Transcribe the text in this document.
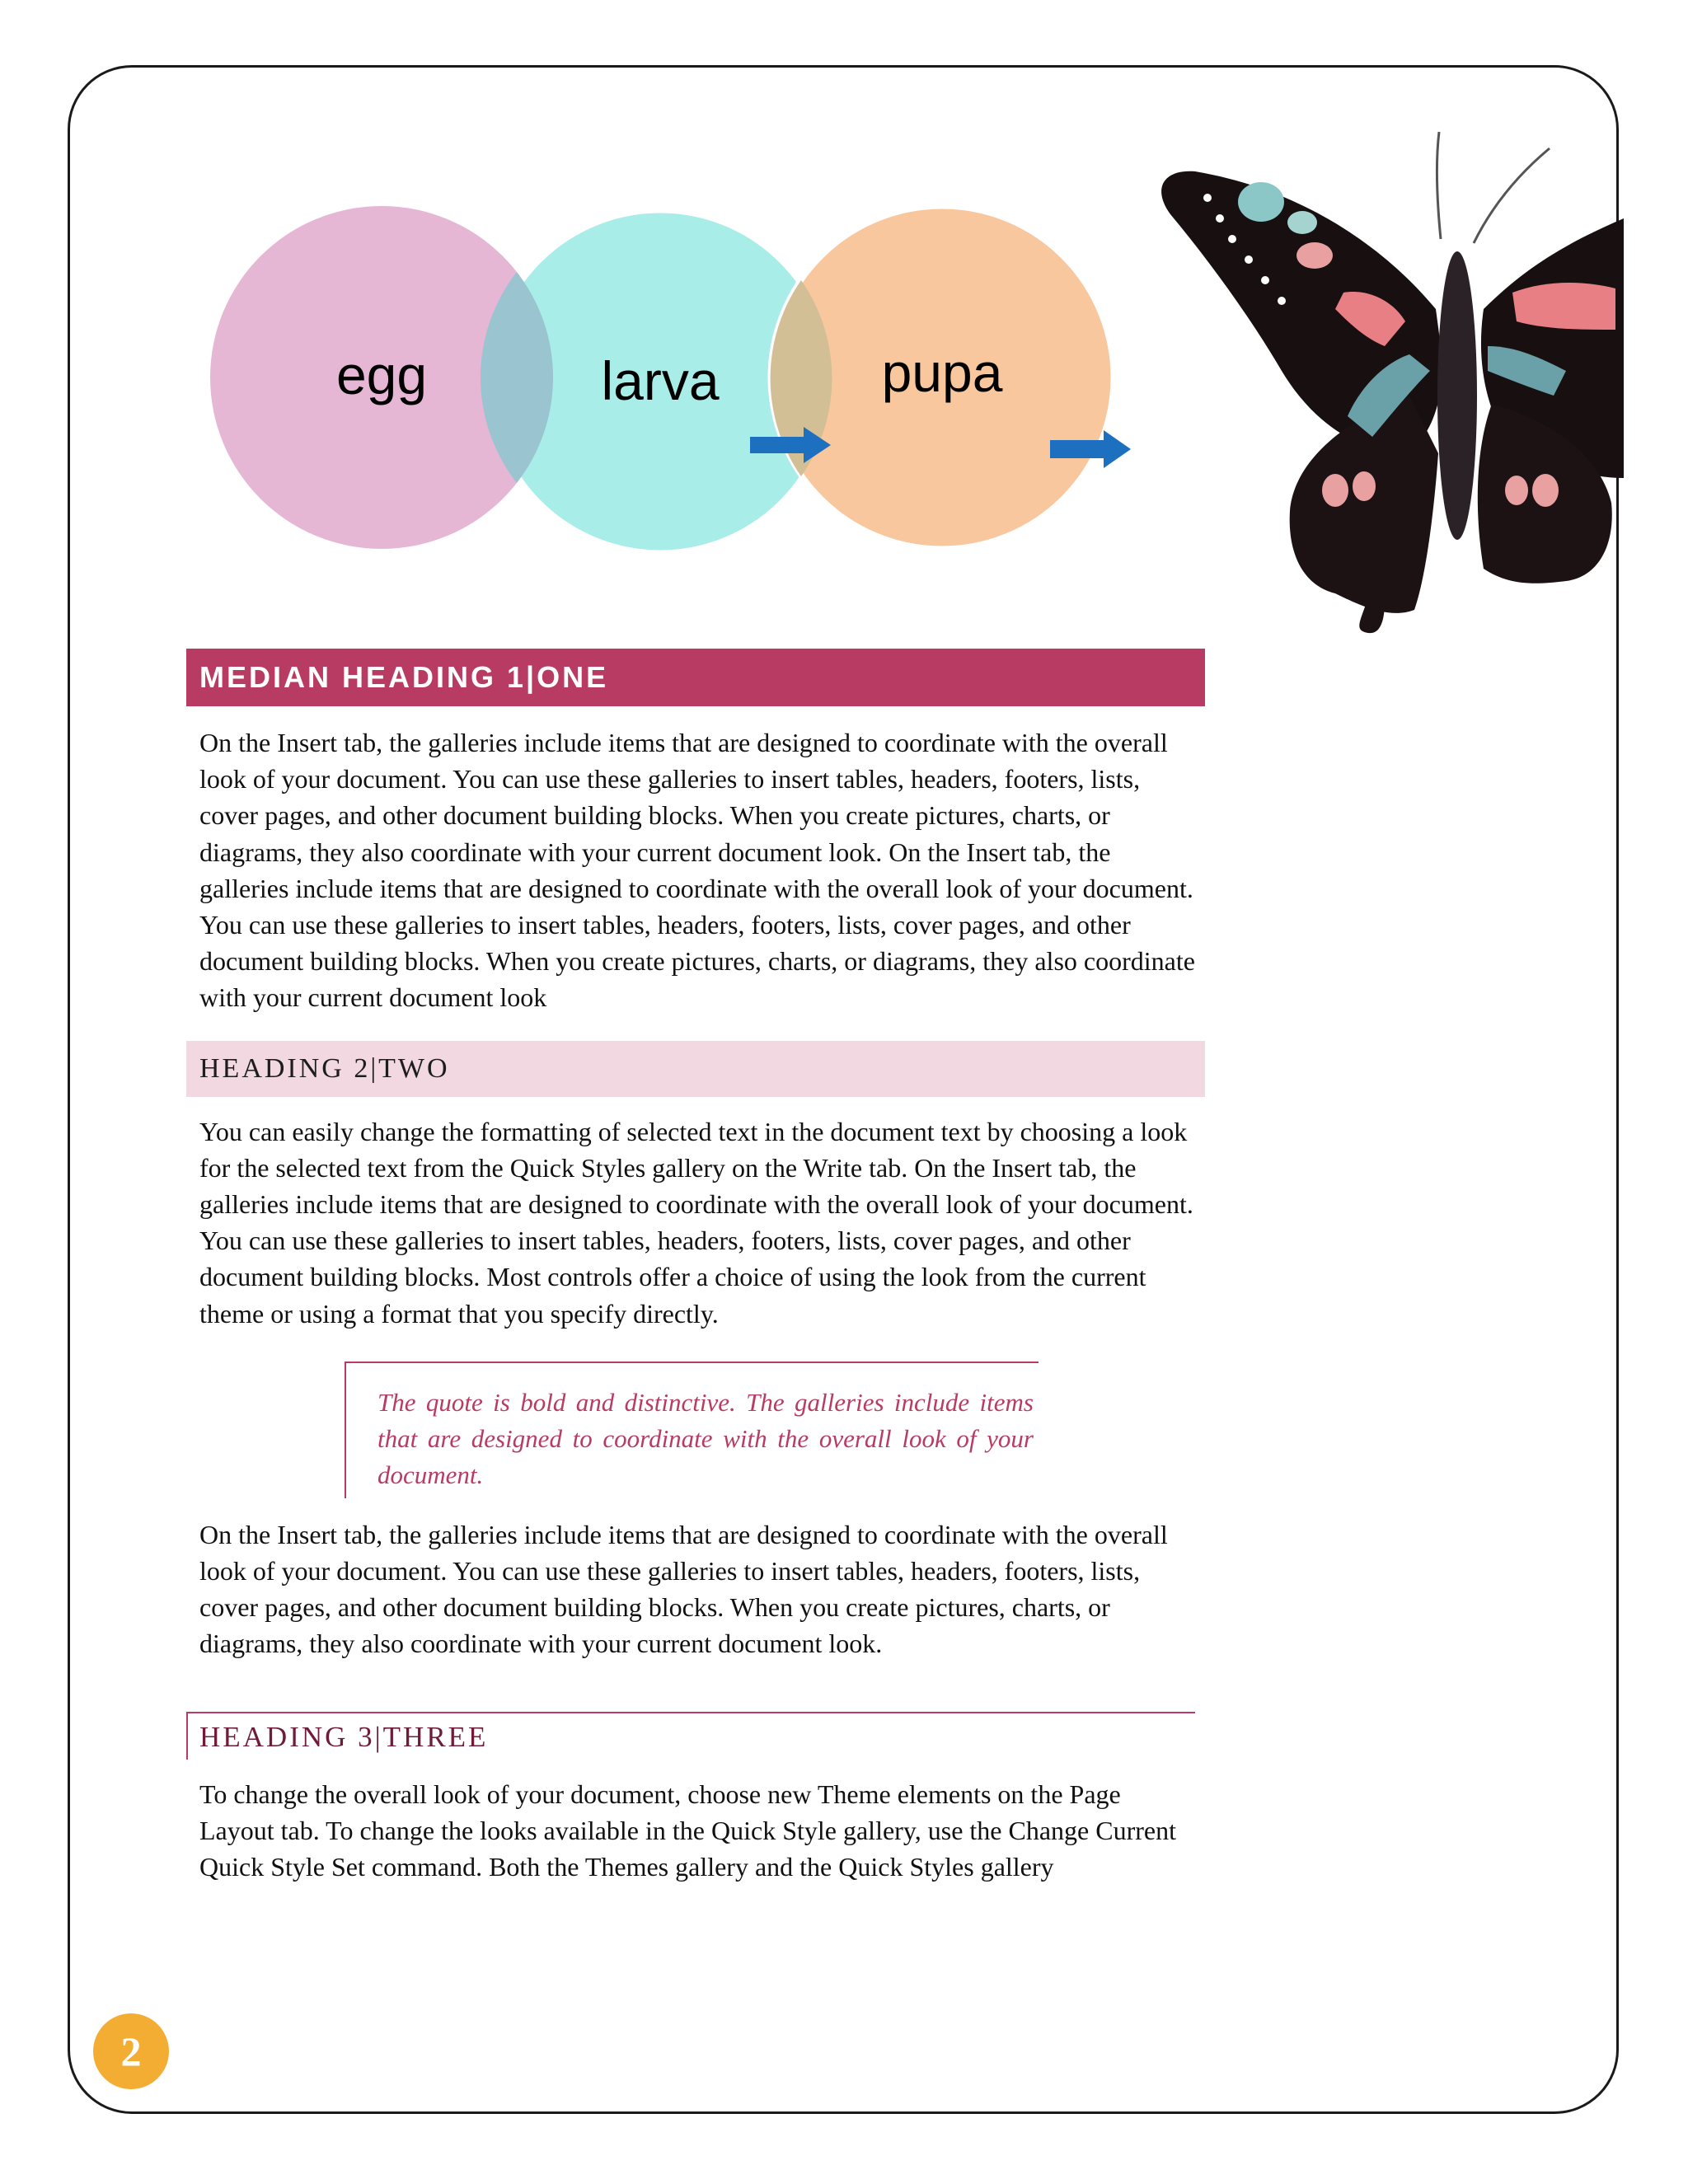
egg	larva	pupa
MEDIAN HEADING 1|ONE

On the Insert tab, the galleries include items that are designed to coordinate with the overall look of your document. You can use these galleries to insert tables, headers, footers, lists, cover pages, and other document building blocks. When you create pictures, charts, or diagrams, they also coordinate with your current document look. On the Insert tab, the galleries include items that are designed to coordinate with the overall look of your document. You can use these galleries to insert tables, headers, footers, lists, cover pages, and other document building blocks. When you create pictures, charts, or diagrams, they also coordinate with your current document look

HEADING 2|TWO

You can easily change the formatting of selected text in the document text by choosing a look for the selected text from the Quick Styles gallery on the Write tab. On the Insert tab, the galleries include items that are designed to coordinate with the overall look of your document. You can use these galleries to insert tables, headers, footers, lists, cover pages, and other document building blocks. Most controls offer a choice of using the look from the current theme or using a format that you specify directly.

The quote is bold and distinctive. The galleries include items that are designed to coordinate with the overall look of your document.

On the Insert tab, the galleries include items that are designed to coordinate with the overall look of your document. You can use these galleries to insert tables, headers, footers, lists, cover pages, and other document building blocks. When you create pictures, charts, or diagrams, they also coordinate with your current document look.

HEADING 3|THREE

To change the overall look of your document, choose new Theme elements on the Page Layout tab. To change the looks available in the Quick Style gallery, use the Change Current Quick Style Set command. Both the Themes gallery and the Quick Styles gallery

2
